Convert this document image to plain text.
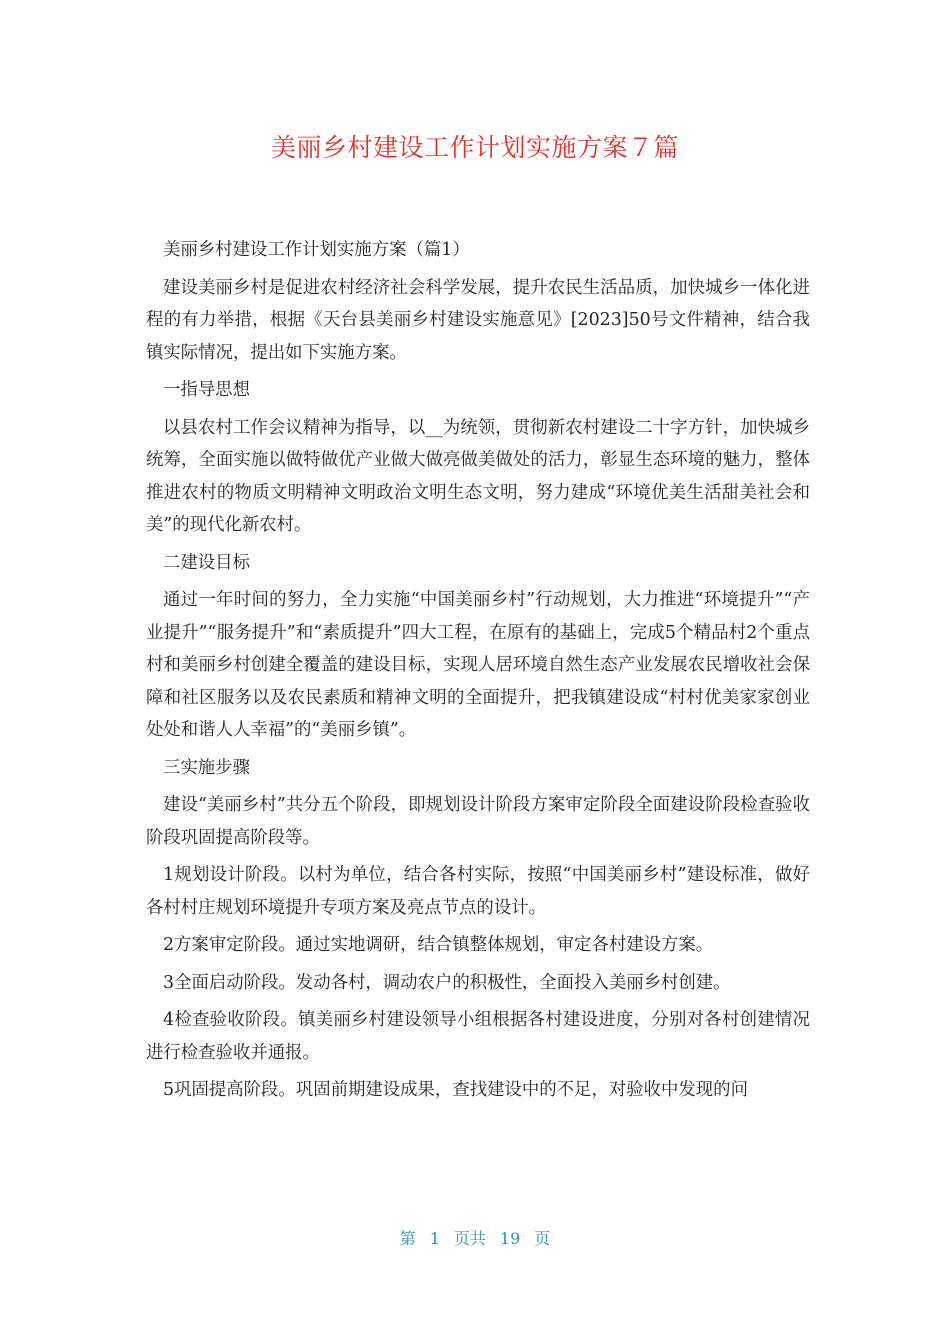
美丽乡村建设工作计划实施方案７篇

美丽乡村建设工作计划实施方案（篇1）

建设美丽乡村是促进农村经济社会科学发展，提升农民生活品质，加快城乡一体化进程的有力举措，根据《天台县美丽乡村建设实施意见》[2023]50号文件精神，结合我镇实际情况，提出如下实施方案。

一指导思想

以县农村工作会议精神为指导，以__为统领，贯彻新农村建设二十字方针，加快城乡统筹，全面实施以做特做优产业做大做亮做美做处的活力，彰显生态环境的魅力，整体推进农村的物质文明精神文明政治文明生态文明，努力建成“环境优美生活甜美社会和美”的现代化新农村。

二建设目标

通过一年时间的努力，全力实施“中国美丽乡村”行动规划，大力推进“环境提升”“产业提升”“服务提升”和“素质提升”四大工程，在原有的基础上，完成5个精品村2个重点村和美丽乡村创建全覆盖的建设目标，实现人居环境自然生态产业发展农民增收社会保障和社区服务以及农民素质和精神文明的全面提升，把我镇建设成“村村优美家家创业处处和谐人人幸福”的“美丽乡镇”。

三实施步骤

建设“美丽乡村”共分五个阶段，即规划设计阶段方案审定阶段全面建设阶段检查验收阶段巩固提高阶段等。

1规划设计阶段。以村为单位，结合各村实际，按照“中国美丽乡村”建设标准，做好各村村庄规划环境提升专项方案及亮点节点的设计。

2方案审定阶段。通过实地调研，结合镇整体规划，审定各村建设方案。

3全面启动阶段。发动各村，调动农户的积极性，全面投入美丽乡村创建。

4检查验收阶段。镇美丽乡村建设领导小组根据各村建设进度，分别对各村创建情况进行检查验收并通报。

5巩固提高阶段。巩固前期建设成果，查找建设中的不足，对验收中发现的问

第 1 页共 19 页
